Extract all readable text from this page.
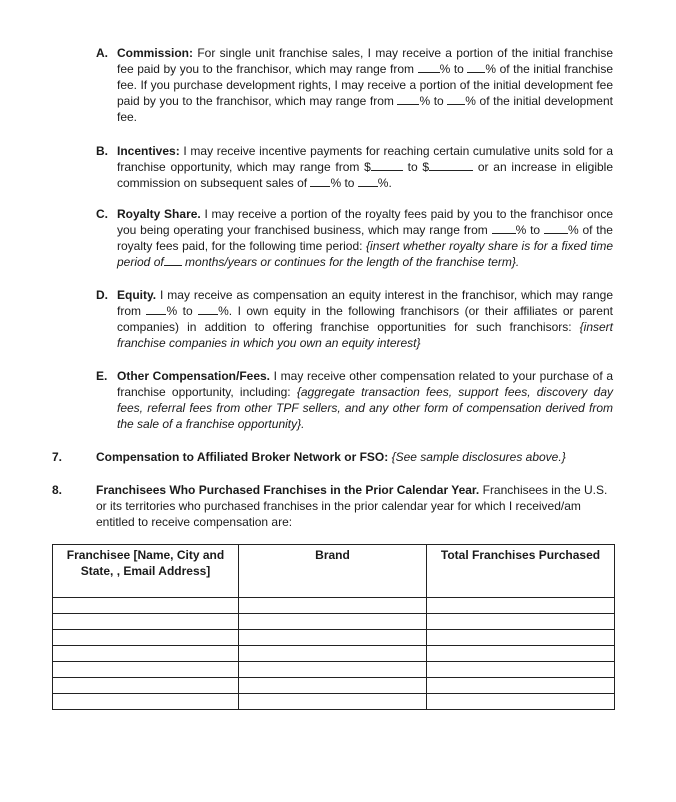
A. Commission: For single unit franchise sales, I may receive a portion of the initial franchise fee paid by you to the franchisor, which may range from % to % of the initial franchise fee. If you purchase development rights, I may receive a portion of the initial development fee paid by you to the franchisor, which may range from % to % of the initial development fee.
B. Incentives: I may receive incentive payments for reaching certain cumulative units sold for a franchise opportunity, which may range from $	to $	or an increase in eligible commission on subsequent sales of % to %.
C. Royalty Share. I may receive a portion of the royalty fees paid by you to the franchisor once you being operating your franchised business, which may range from % to % of the royalty fees paid, for the following time period: {insert whether royalty share is for a fixed time period of months/years or continues for the length of the franchise term}.
D. Equity. I may receive as compensation an equity interest in the franchisor, which may range from % to %. I own equity in the following franchisors (or their affiliates or parent companies) in addition to offering franchise opportunities for such franchisors: {insert franchise companies in which you own an equity interest}
E. Other Compensation/Fees. I may receive other compensation related to your purchase of a franchise opportunity, including: {aggregate transaction fees, support fees, discovery day fees, referral fees from other TPF sellers, and any other form of compensation derived from the sale of a franchise opportunity}.
7.	Compensation to Affiliated Broker Network or FSO: {See sample disclosures above.}
8.	Franchisees Who Purchased Franchises in the Prior Calendar Year. Franchisees in the U.S. or its territories who purchased franchises in the prior calendar year for which I received/am entitled to receive compensation are:
Franchisee [Name, City and State, , Email Address]	Brand	Total Franchises Purchased
